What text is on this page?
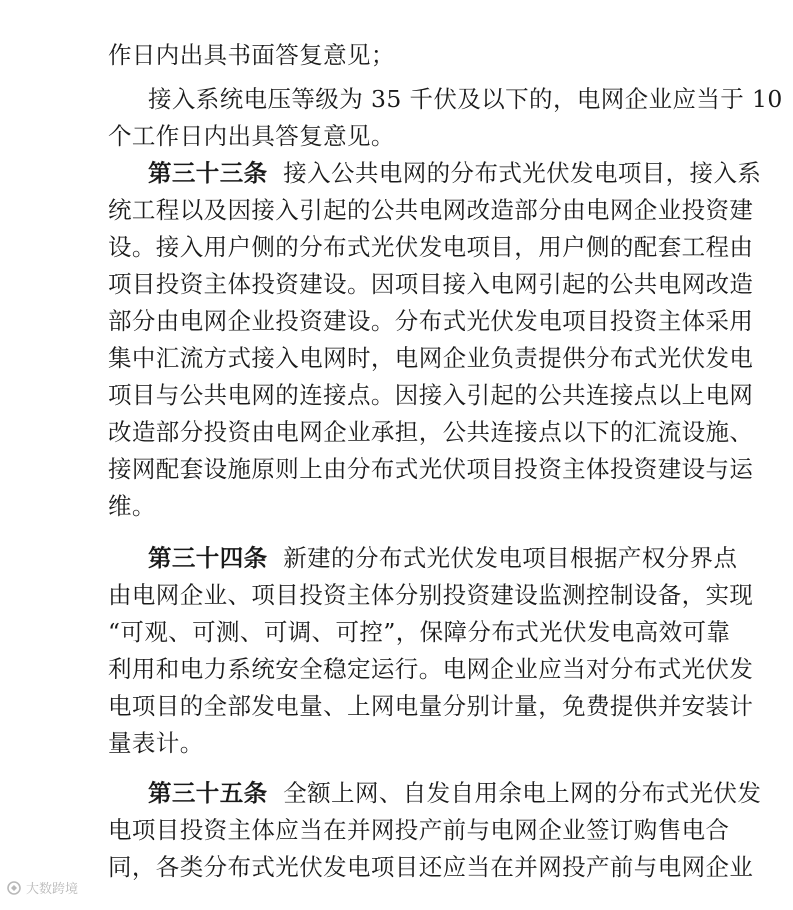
作日内出具书面答复意见；
接入系统电压等级为 35 千伏及以下的，电网企业应当于 10
个工作日内出具答复意见。
第三十三条  接入公共电网的分布式光伏发电项目，接入系
统工程以及因接入引起的公共电网改造部分由电网企业投资建
设。接入用户侧的分布式光伏发电项目，用户侧的配套工程由
项目投资主体投资建设。因项目接入电网引起的公共电网改造
部分由电网企业投资建设。分布式光伏发电项目投资主体采用
集中汇流方式接入电网时，电网企业负责提供分布式光伏发电
项目与公共电网的连接点。因接入引起的公共连接点以上电网
改造部分投资由电网企业承担，公共连接点以下的汇流设施、
接网配套设施原则上由分布式光伏项目投资主体投资建设与运
维。
第三十四条  新建的分布式光伏发电项目根据产权分界点
由电网企业、项目投资主体分别投资建设监测控制设备，实现
“可观、可测、可调、可控”，保障分布式光伏发电高效可靠
利用和电力系统安全稳定运行。电网企业应当对分布式光伏发
电项目的全部发电量、上网电量分别计量，免费提供并安装计
量表计。
第三十五条  全额上网、自发自用余电上网的分布式光伏发
电项目投资主体应当在并网投产前与电网企业签订购售电合
同，各类分布式光伏发电项目还应当在并网投产前与电网企业
大数跨境
